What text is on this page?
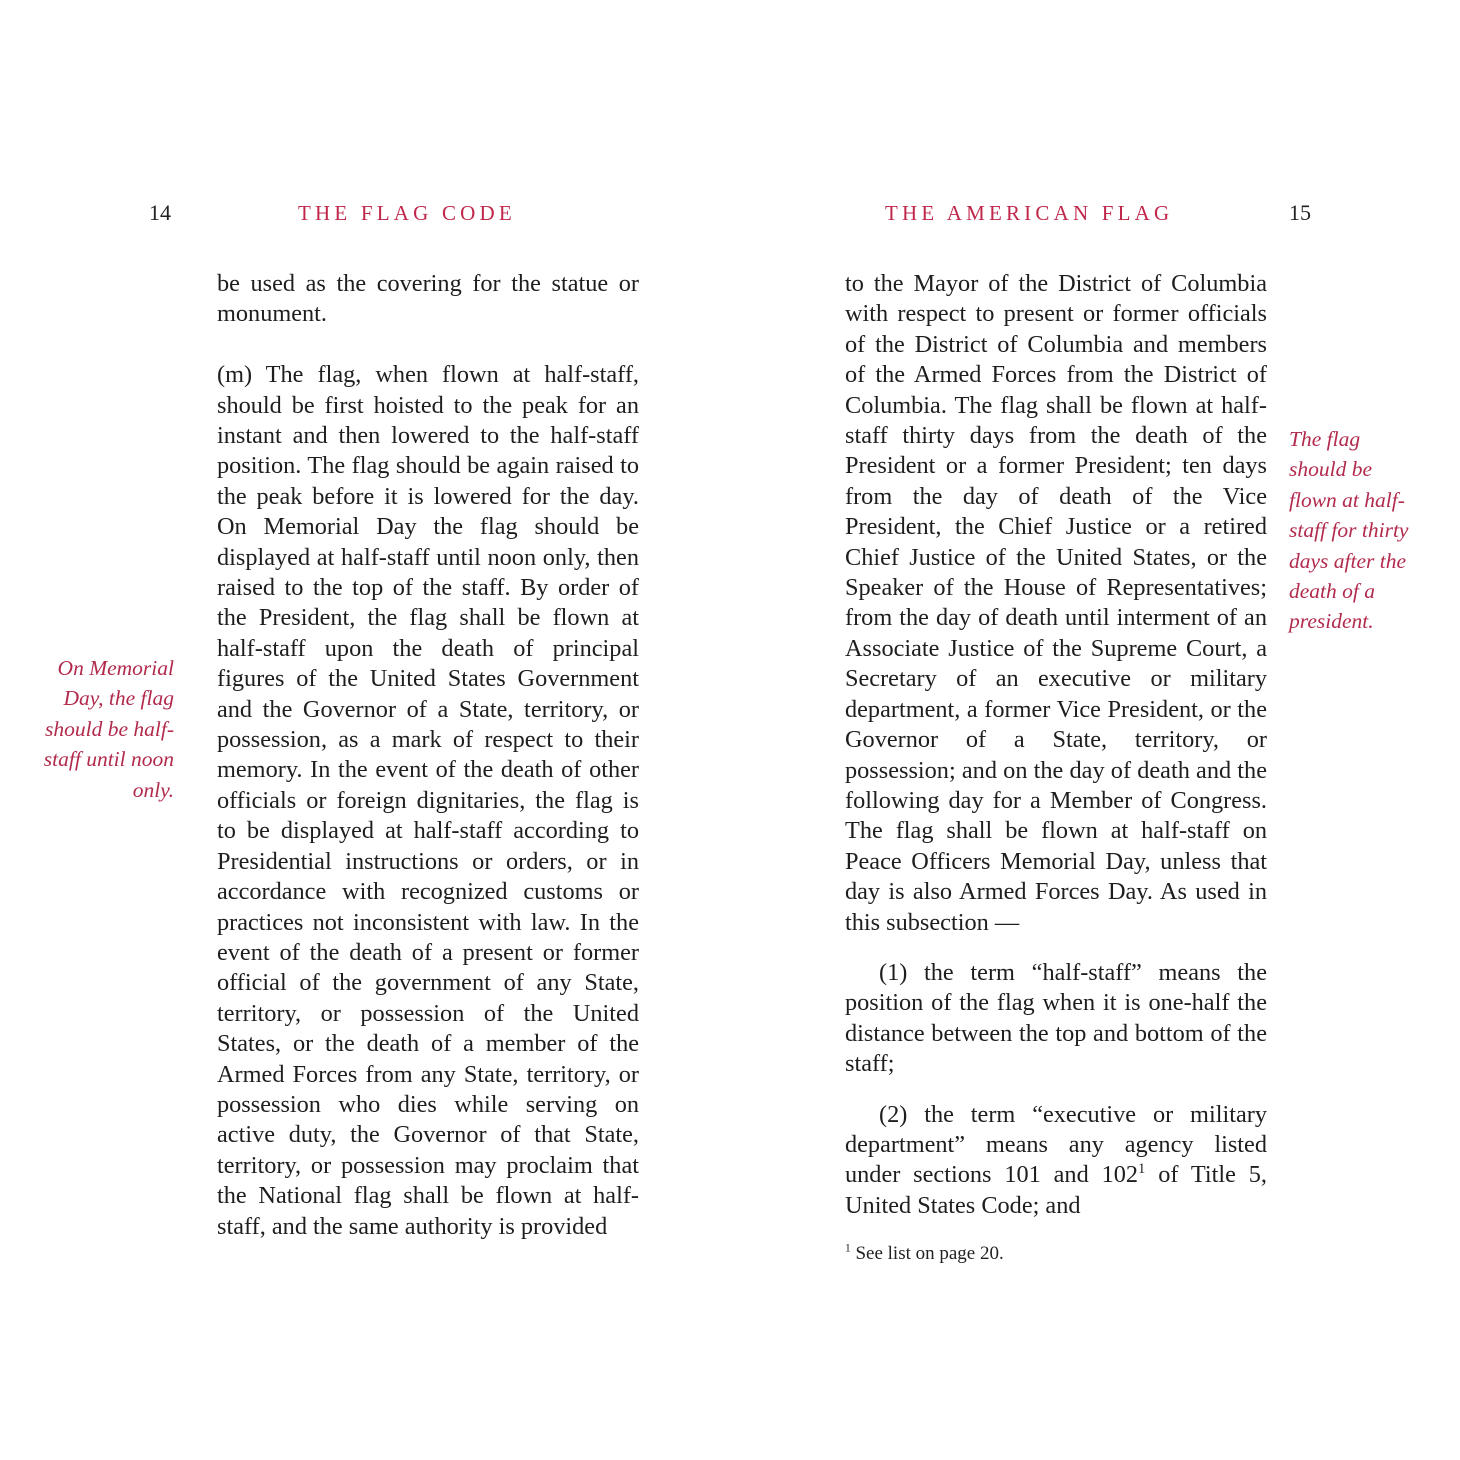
14	THE FLAG CODE

be used as the covering for the statue or monument.

(m) The flag, when flown at half-staff, should be first hoisted to the peak for an instant and then lowered to the half-staff position. The flag should be again raised to the peak before it is lowered for the day. On Memorial Day the flag should be displayed at half-staff until noon only, then raised to the top of the staff. By order of the President, the flag shall be flown at half-staff upon the death of principal figures of the United States Government and the Governor of a State, territory, or possession, as a mark of respect to their memory. In the event of the death of other officials or foreign dignitaries, the flag is to be displayed at half-staff according to Presidential instructions or orders, or in accordance with recognized customs or practices not inconsistent with law. In the event of the death of a present or former official of the government of any State, territory, or possession of the United States, or the death of a member of the Armed Forces from any State, territory, or possession who dies while serving on active duty, the Governor of that State, territory, or possession may proclaim that the National flag shall be flown at half-staff, and the same authority is provided

On Memorial Day, the flag should be half-staff until noon only.
THE AMERICAN FLAG	15

to the Mayor of the District of Columbia with respect to present or former officials of the District of Columbia and members of the Armed Forces from the District of Columbia. The flag shall be flown at half-staff thirty days from the death of the President or a former President; ten days from the day of death of the Vice President, the Chief Justice or a retired Chief Justice of the United States, or the Speaker of the House of Representatives; from the day of death until interment of an Associate Justice of the Supreme Court, a Secretary of an executive or military department, a former Vice President, or the Governor of a State, territory, or possession; and on the day of death and the following day for a Member of Congress. The flag shall be flown at half-staff on Peace Officers Memorial Day, unless that day is also Armed Forces Day. As used in this subsection —

(1) the term “half-staff” means the position of the flag when it is one-half the distance between the top and bottom of the staff;

(2) the term “executive or military department” means any agency listed under sections 101 and $102^1$ of Title 5, United States Code; and

The flag should be flown at half-staff for thirty days after the death of a president.
$^1$ See list on page 20.
